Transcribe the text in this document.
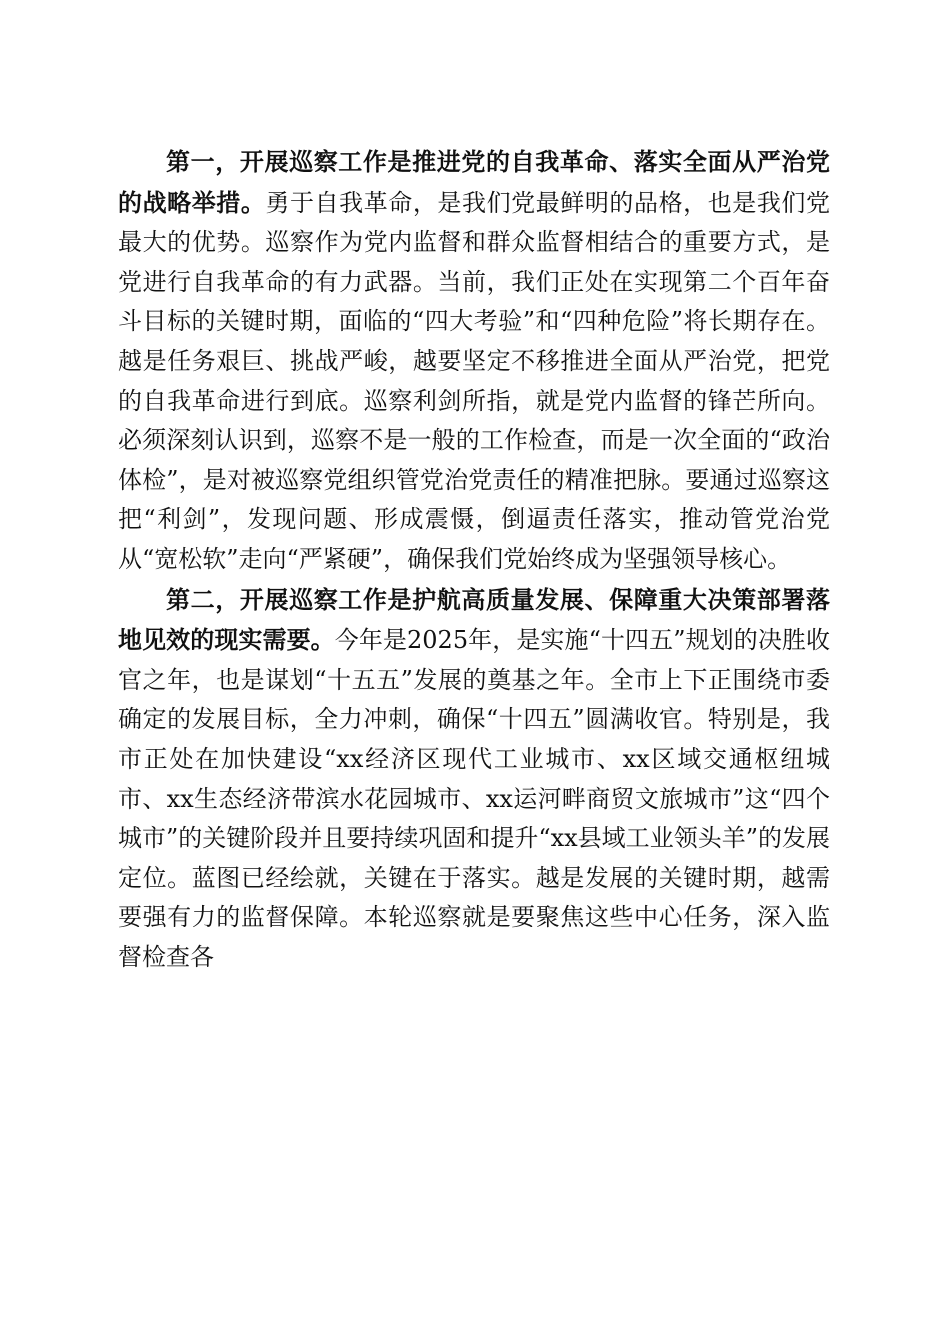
第一，开展巡察工作是推进党的自我革命、落实全面从严治党的战略举措。勇于自我革命，是我们党最鲜明的品格，也是我们党最大的优势。巡察作为党内监督和群众监督相结合的重要方式，是党进行自我革命的有力武器。当前，我们正处在实现第二个百年奋斗目标的关键时期，面临的“四大考验”和“四种危险”将长期存在。越是任务艰巨、挑战严峻，越要坚定不移推进全面从严治党，把党的自我革命进行到底。巡察利剑所指，就是党内监督的锋芒所向。必须深刻认识到，巡察不是一般的工作检查，而是一次全面的“政治体检”，是对被巡察党组织管党治党责任的精准把脉。要通过巡察这把“利剑”，发现问题、形成震慑，倒逼责任落实，推动管党治党从“宽松软”走向“严紧硬”，确保我们党始终成为坚强领导核心。

第二，开展巡察工作是护航高质量发展、保障重大决策部署落地见效的现实需要。今年是2025年，是实施“十四五”规划的决胜收官之年，也是谋划“十五五”发展的奠基之年。全市上下正围绕市委确定的发展目标，全力冲刺，确保“十四五”圆满收官。特别是，我市正处在加快建设“xx经济区现代工业城市、xx区域交通枢纽城市、xx生态经济带滨水花园城市、xx运河畔商贸文旅城市”这“四个城市”的关键阶段并且要持续巩固和提升“xx县域工业领头羊”的发展定位。蓝图已经绘就，关键在于落实。越是发展的关键时期，越需要强有力的监督保障。本轮巡察就是要聚焦这些中心任务，深入监督检查各
